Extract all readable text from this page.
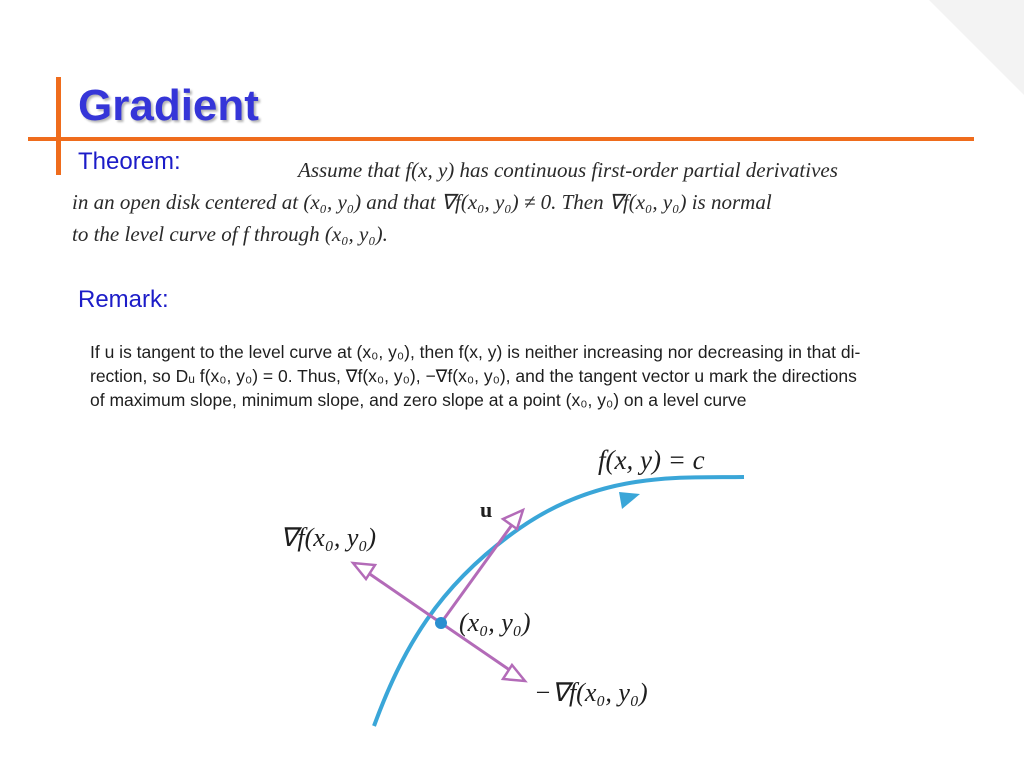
Gradient
Theorem:	Assume that f(x, y) has continuous first-order partial derivatives
in an open disk centered at (x₀, y₀) and that ∇f(x₀, y₀) ≠ 0. Then ∇f(x₀, y₀) is normal
to the level curve of f through (x₀, y₀).

Remark:

If u is tangent to the level curve at (x₀, y₀), then f(x, y) is neither increasing nor decreasing in that di-
rection, so Dᵤ f(x₀, y₀) = 0. Thus, ∇f(x₀, y₀), −∇f(x₀, y₀), and the tangent vector u mark the directions
of maximum slope, minimum slope, and zero slope at a point (x₀, y₀) on a level curve

f(x, y) = c
u
∇f(x₀, y₀)
(x₀, y₀)
−∇f(x₀, y₀)
